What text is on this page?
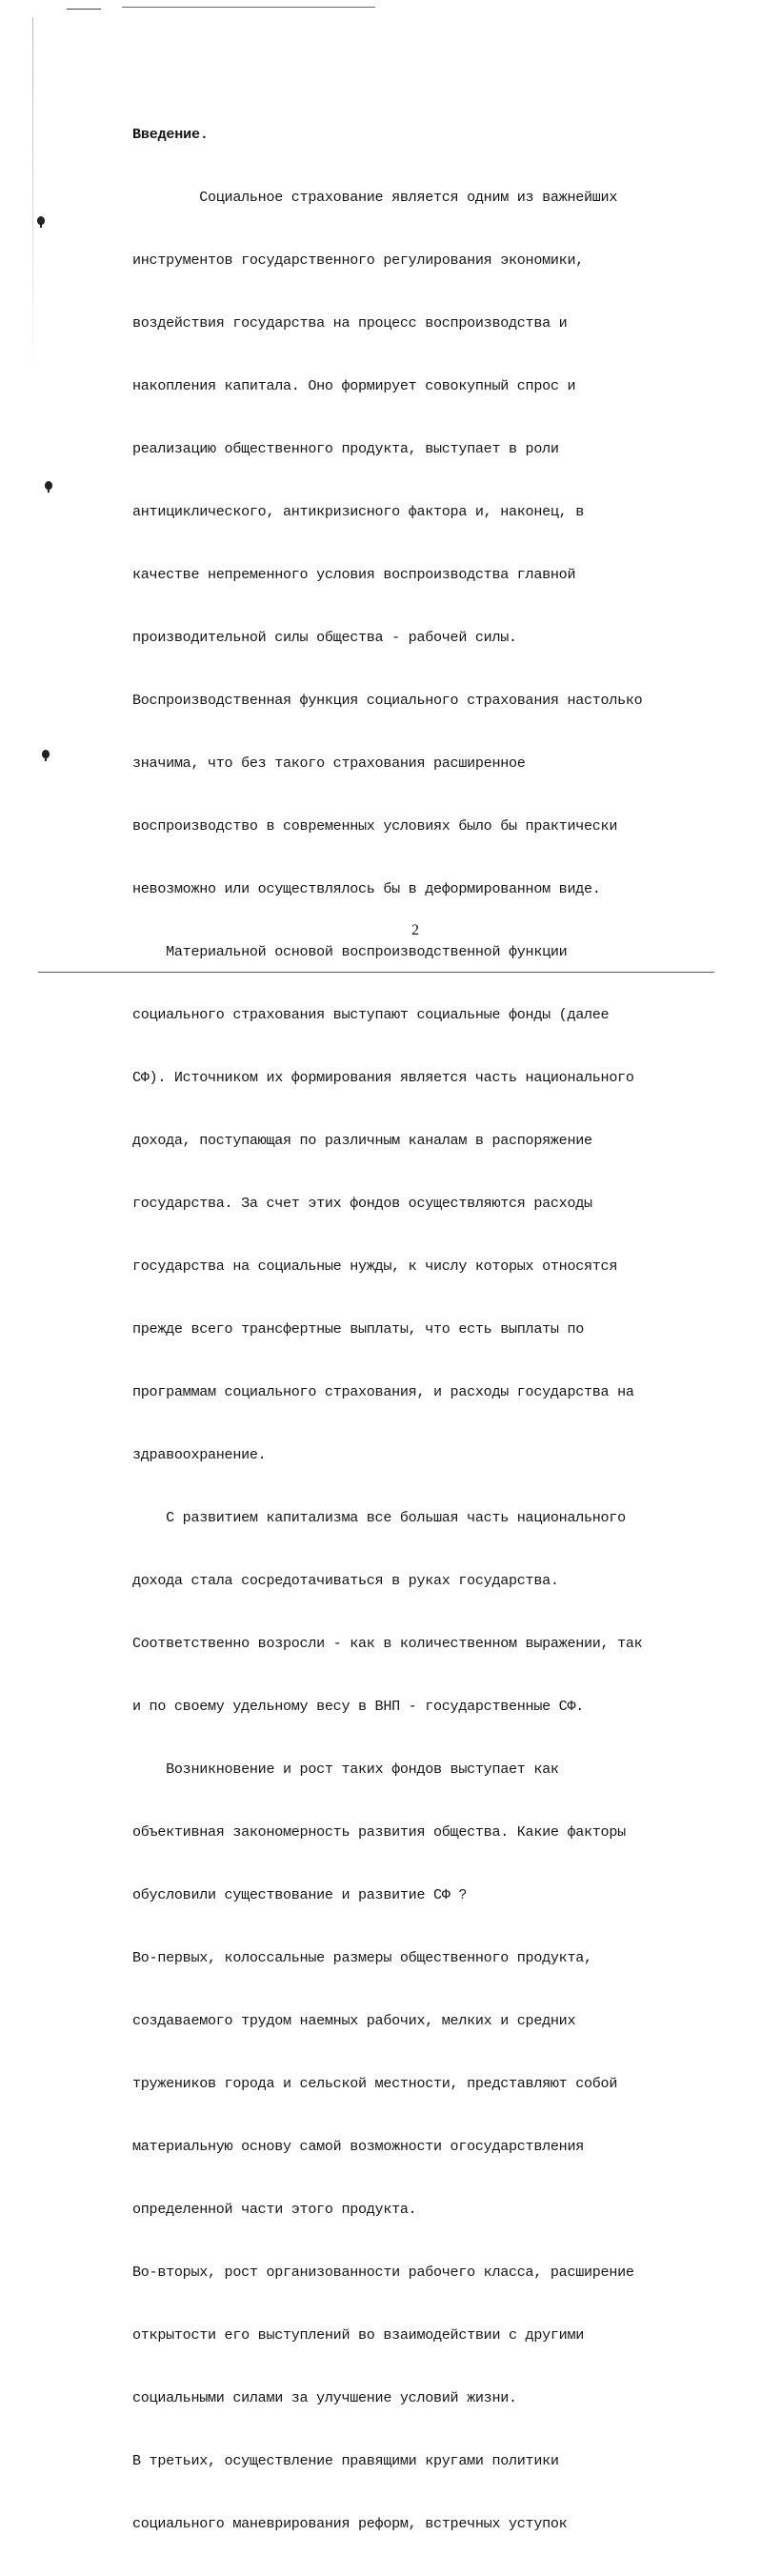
Введение.

Социальное страхование является одним из важнейших

инструментов государственного регулирования экономики,

воздействия государства на процесс воспроизводства и

накопления капитала. Оно формирует совокупный спрос и

реализацию общественного продукта, выступает в роли

антициклического, антикризисного фактора и, наконец, в

качестве непременного условия воспроизводства главной

производительной силы общества - рабочей силы.

Воспроизводственная функция социального страхования настолько

значима, что без такого страхования расширенное

воспроизводство в современных условиях было бы практически

невозможно или осуществлялось бы в деформированном виде.

Материальной основой воспроизводственной функции

социального страхования выступают социальные фонды (далее

СФ). Источником их формирования является часть национального

дохода, поступающая по различным каналам в распоряжение

государства. За счет этих фондов осуществляются расходы

государства на социальные нужды, к числу которых относятся

прежде всего трансфертные выплаты, что есть выплаты по

программам социального страхования, и расходы государства на

здравоохранение.

С развитием капитализма все большая часть национального

дохода стала сосредотачиваться в руках государства.

Соответственно возросли - как в количественном выражении, так

и по своему удельному весу в ВНП - государственные СФ.

Возникновение и рост таких фондов выступает как

объективная закономерность развития общества. Какие факторы

обусловили существование и развитие СФ ?

Во-первых, колоссальные размеры общественного продукта,

создаваемого трудом наемных рабочих, мелких и средних

тружеников города и сельской местности, представляют собой

материальную основу самой возможности огосударствления

определенной части этого продукта.

Во-вторых, рост организованности рабочего класса, расширение

открытости его выступлений во взаимодействии с другими

социальными силами за улучшение условий жизни.

В третьих, осуществление правящими кругами политики

социального маневрирования реформ, встречных уступок

2
